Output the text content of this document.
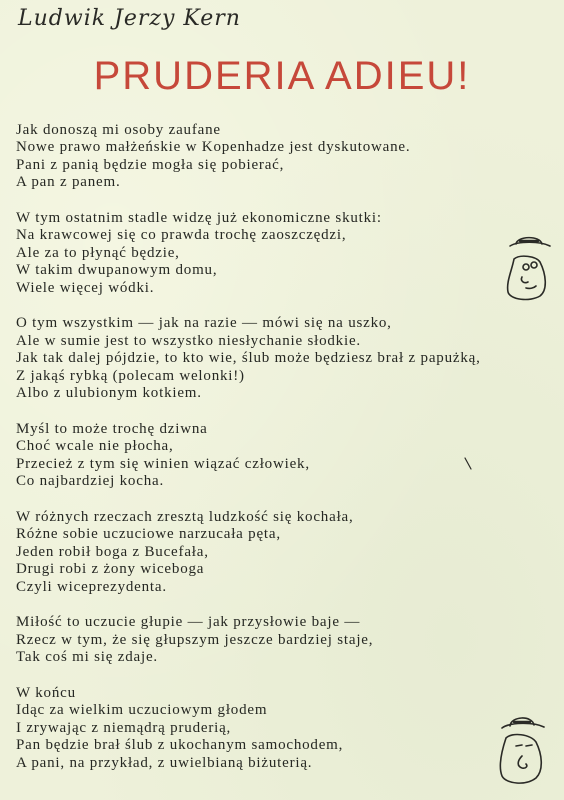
Ludwik Jerzy Kern
PRUDERIA ADIEU!
Jak donoszą mi osoby zaufane
Nowe prawo małżeńskie w Kopenhadze jest dyskutowane.
Pani z panią będzie mogła się pobierać,
A pan z panem.
W tym ostatnim stadle widzę już ekonomiczne skutki:
Na krawcowej się co prawda trochę zaoszczędzi,
Ale za to płynąć będzie,
W takim dwupanowym domu,
Wiele więcej wódki.
O tym wszystkim — jak na razie — mówi się na uszko,
Ale w sumie jest to wszystko niesłychanie słodkie.
Jak tak dalej pójdzie, to kto wie, ślub może będziesz brał z papużką,
Z jakąś rybką (polecam welonki!)
Albo z ulubionym kotkiem.
Myśl to może trochę dziwna
Choć wcale nie płocha,
Przecież z tym się winien wiązać człowiek,
Co najbardziej kocha.
W różnych rzeczach zresztą ludzkość się kochała,
Różne sobie uczuciowe narzucała pęta,
Jeden robił boga z Bucefała,
Drugi robi z żony wiceboga
Czyli wiceprezydenta.
Miłość to uczucie głupie — jak przysłowie baje —
Rzecz w tym, że się głupszym jeszcze bardziej staje,
Tak coś mi się zdaje.
W końcu
Idąc za wielkim uczuciowym głodem
I zrywając z niemądrą pruderią,
Pan będzie brał ślub z ukochanym samochodem,
A pani, na przykład, z uwielbianą biżuterią.
